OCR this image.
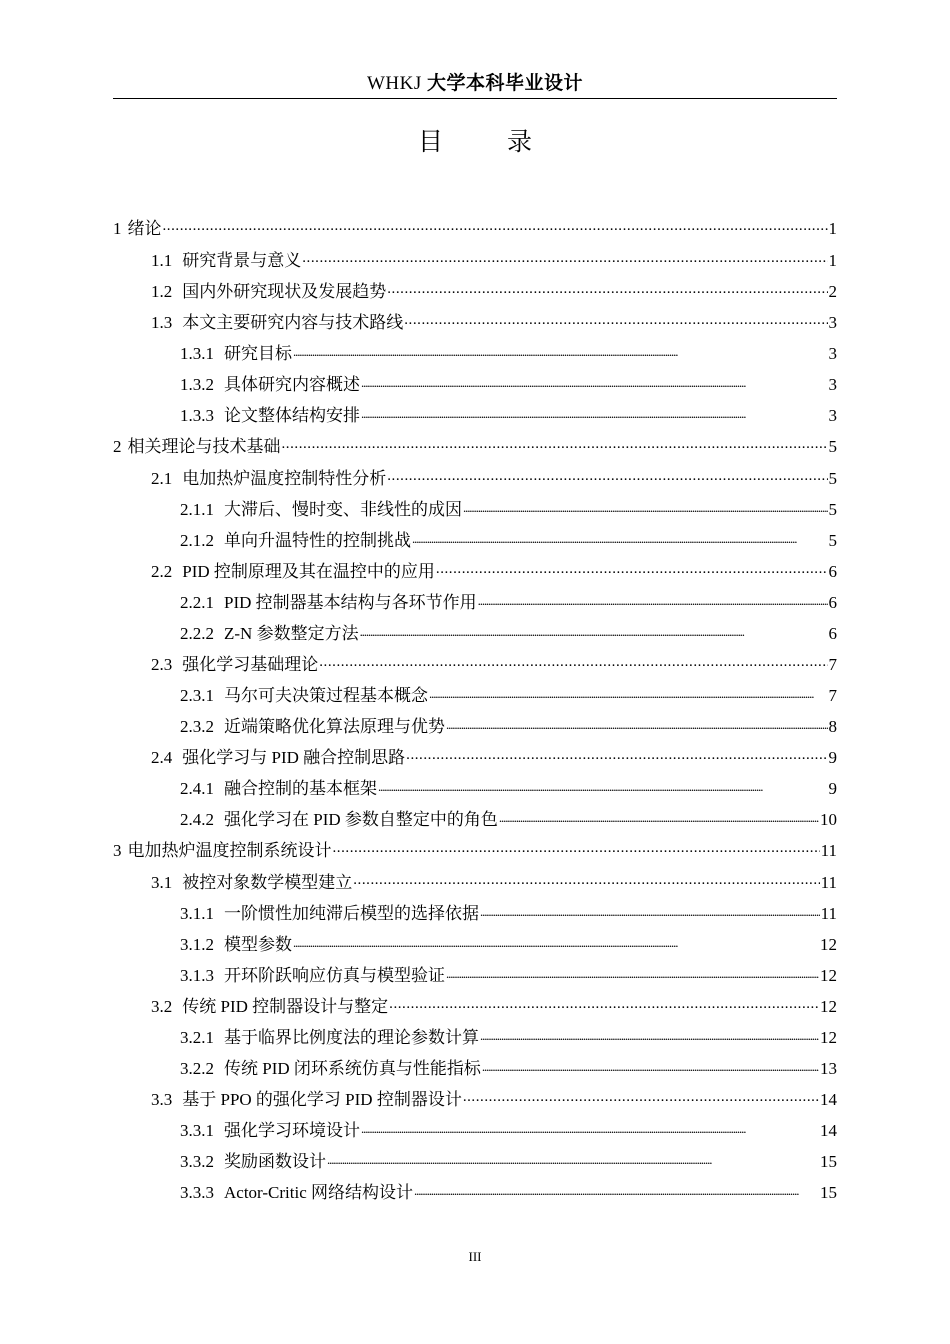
WHKJ 大学本科毕业设计
目 录
1 绪论 . . .	1
1.1 研究背景与意义 . . .	1
1.2 国内外研究现状及发展趋势 . . .	2
1.3 本文主要研究内容与技术路线 . . .	3
1.3.1 研究目标 . . .	3
1.3.2 具体研究内容概述 . . .	3
1.3.3 论文整体结构安排 . . .	3
2 相关理论与技术基础 . . .	5
2.1 电加热炉温度控制特性分析 . . .	5
2.1.1 大滞后、慢时变、非线性的成因 . . .	5
2.1.2 单向升温特性的控制挑战 . . .	5
2.2 PID 控制原理及其在温控中的应用 . . .	6
2.2.1 PID 控制器基本结构与各环节作用 . . .	6
2.2.2 Z-N 参数整定方法 . . .	6
2.3 强化学习基础理论 . . .	7
2.3.1 马尔可夫决策过程基本概念 . . .	7
2.3.2 近端策略优化算法原理与优势 . . .	8
2.4 强化学习与 PID 融合控制思路 . . .	9
2.4.1 融合控制的基本框架 . . .	9
2.4.2 强化学习在 PID 参数自整定中的角色 . . .	10
3 电加热炉温度控制系统设计 . . .	11
3.1 被控对象数学模型建立 . . .	11
3.1.1 一阶惯性加纯滞后模型的选择依据 . . .	11
3.1.2 模型参数 . . .	12
3.1.3 开环阶跃响应仿真与模型验证 . . .	12
3.2 传统 PID 控制器设计与整定 . . .	12
3.2.1 基于临界比例度法的理论参数计算 . . .	12
3.2.2 传统 PID 闭环系统仿真与性能指标 . . .	13
3.3 基于 PPO 的强化学习 PID 控制器设计 . . .	14
3.3.1 强化学习环境设计 . . .	14
3.3.2 奖励函数设计 . . .	15
3.3.3 Actor-Critic 网络结构设计 . . .	15
III
